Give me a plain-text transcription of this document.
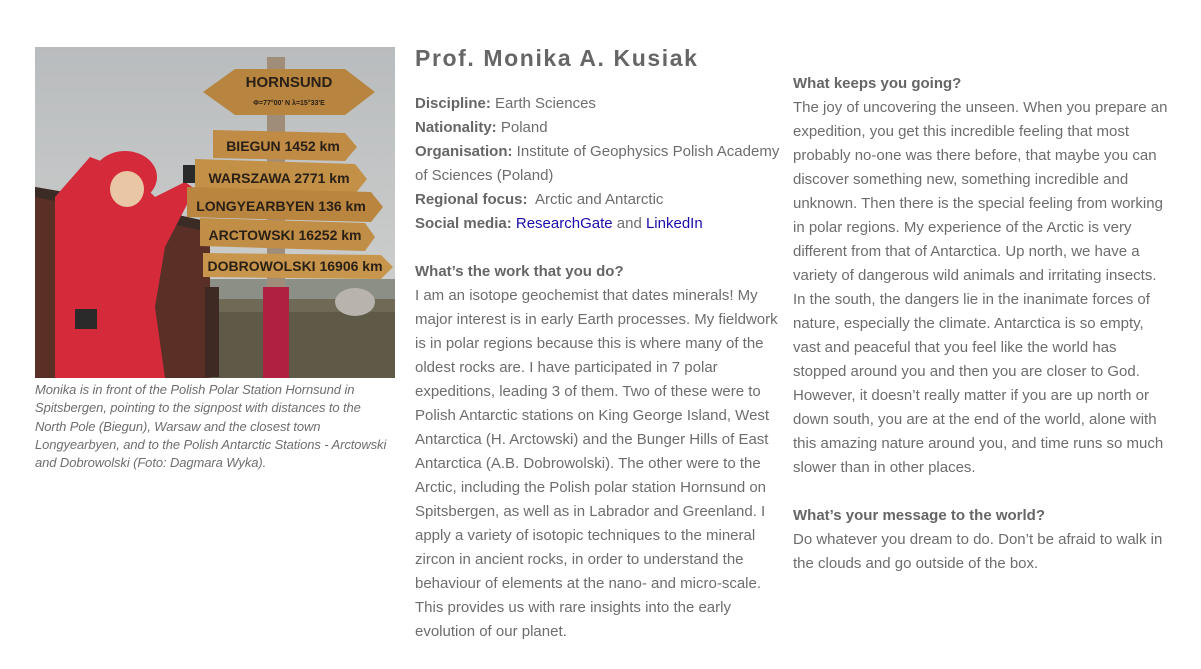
HORNSUND
Φ=77°00' N λ=15°33'E
BIEGUN 1452 km
WARSZAWA 2771 km
LONGYEARBYEN 136 km
ARCTOWSKI 16252 km
DOBROWOLSKI 16906 km
Monika is in front of the Polish Polar Station Hornsund in Spitsbergen, pointing to the signpost with distances to the North Pole (Biegun), Warsaw and the closest town Longyearbyen, and to the Polish Antarctic Stations - Arctowski and Dobrowolski (Foto: Dagmara Wyka).
Prof. Monika A. Kusiak
Discipline: Earth Sciences
Nationality: Poland
Organisation: Institute of Geophysics Polish Academy of Sciences (Poland)
Regional focus:  Arctic and Antarctic
Social media: ResearchGate and LinkedIn
What’s the work that you do?
I am an isotope geochemist that dates minerals! My major interest is in early Earth processes. My fieldwork is in polar regions because this is where many of the oldest rocks are. I have participated in 7 polar expeditions, leading 3 of them. Two of these were to Polish Antarctic stations on King George Island, West Antarctica (H. Arctowski) and the Bunger Hills of East Antarctica (A.B. Dobrowolski). The other were to the Arctic, including the Polish polar station Hornsund on Spitsbergen, as well as in Labrador and Greenland. I apply a variety of isotopic techniques to the mineral zircon in ancient rocks, in order to understand the behaviour of elements at the nano- and micro-scale. This provides us with rare insights into the early evolution of our planet.
What keeps you going?
The joy of uncovering the unseen. When you prepare an expedition, you get this incredible feeling that most probably no-one was there before, that maybe you can discover something new, something incredible and unknown. Then there is the special feeling from working in polar regions. My experience of the Arctic is very different from that of Antarctica. Up north, we have a variety of dangerous wild animals and irritating insects. In the south, the dangers lie in the inanimate forces of nature, especially the climate. Antarctica is so empty, vast and peaceful that you feel like the world has stopped around you and then you are closer to God. However, it doesn’t really matter if you are up north or down south, you are at the end of the world, alone with this amazing nature around you, and time runs so much slower than in other places.
What’s your message to the world?
Do whatever you dream to do. Don’t be afraid to walk in the clouds and go outside of the box.
